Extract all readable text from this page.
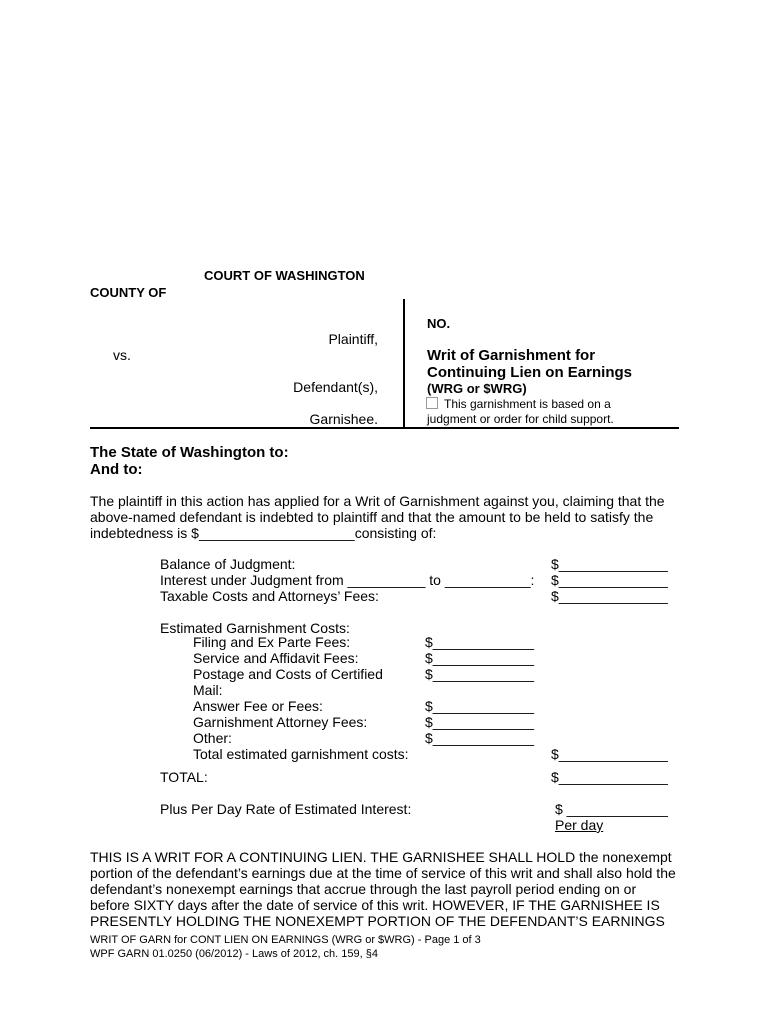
COURT OF WASHINGTON
COUNTY OF
Plaintiff,
vs.
Defendant(s),
Garnishee.
NO.
Writ of Garnishment for
Continuing Lien on Earnings
(WRG or $WRG)
This garnishment is based on a
judgment or order for child support.
The State of Washington to:
And to:
The plaintiff in this action has applied for a Writ of Garnishment against you, claiming that the
above-named defendant is indebted to plaintiff and that the amount to be held to satisfy the
indebtedness is $____________________consisting of:
Balance of Judgment:	$______________
Interest under Judgment from __________ to ___________: $______________
Taxable Costs and Attorneys’ Fees:	$______________
Estimated Garnishment Costs:
Filing and Ex Parte Fees:	$_____________
Service and Affidavit Fees:	$_____________
Postage and Costs of Certified	$_____________
Mail:
Answer Fee or Fees:	$_____________
Garnishment Attorney Fees:	$_____________
Other:	$_____________
Total estimated garnishment costs:	$______________
TOTAL:	$______________
Plus Per Day Rate of Estimated Interest:	$ _____________
Per day
THIS IS A WRIT FOR A CONTINUING LIEN. THE GARNISHEE SHALL HOLD the nonexempt
portion of the defendant’s earnings due at the time of service of this writ and shall also hold the
defendant’s nonexempt earnings that accrue through the last payroll period ending on or
before SIXTY days after the date of service of this writ. HOWEVER, IF THE GARNISHEE IS
PRESENTLY HOLDING THE NONEXEMPT PORTION OF THE DEFENDANT’S EARNINGS
WRIT OF GARN for CONT LIEN ON EARNINGS (WRG or $WRG) - Page 1 of 3
WPF GARN 01.0250 (06/2012) - Laws of 2012, ch. 159, §4
